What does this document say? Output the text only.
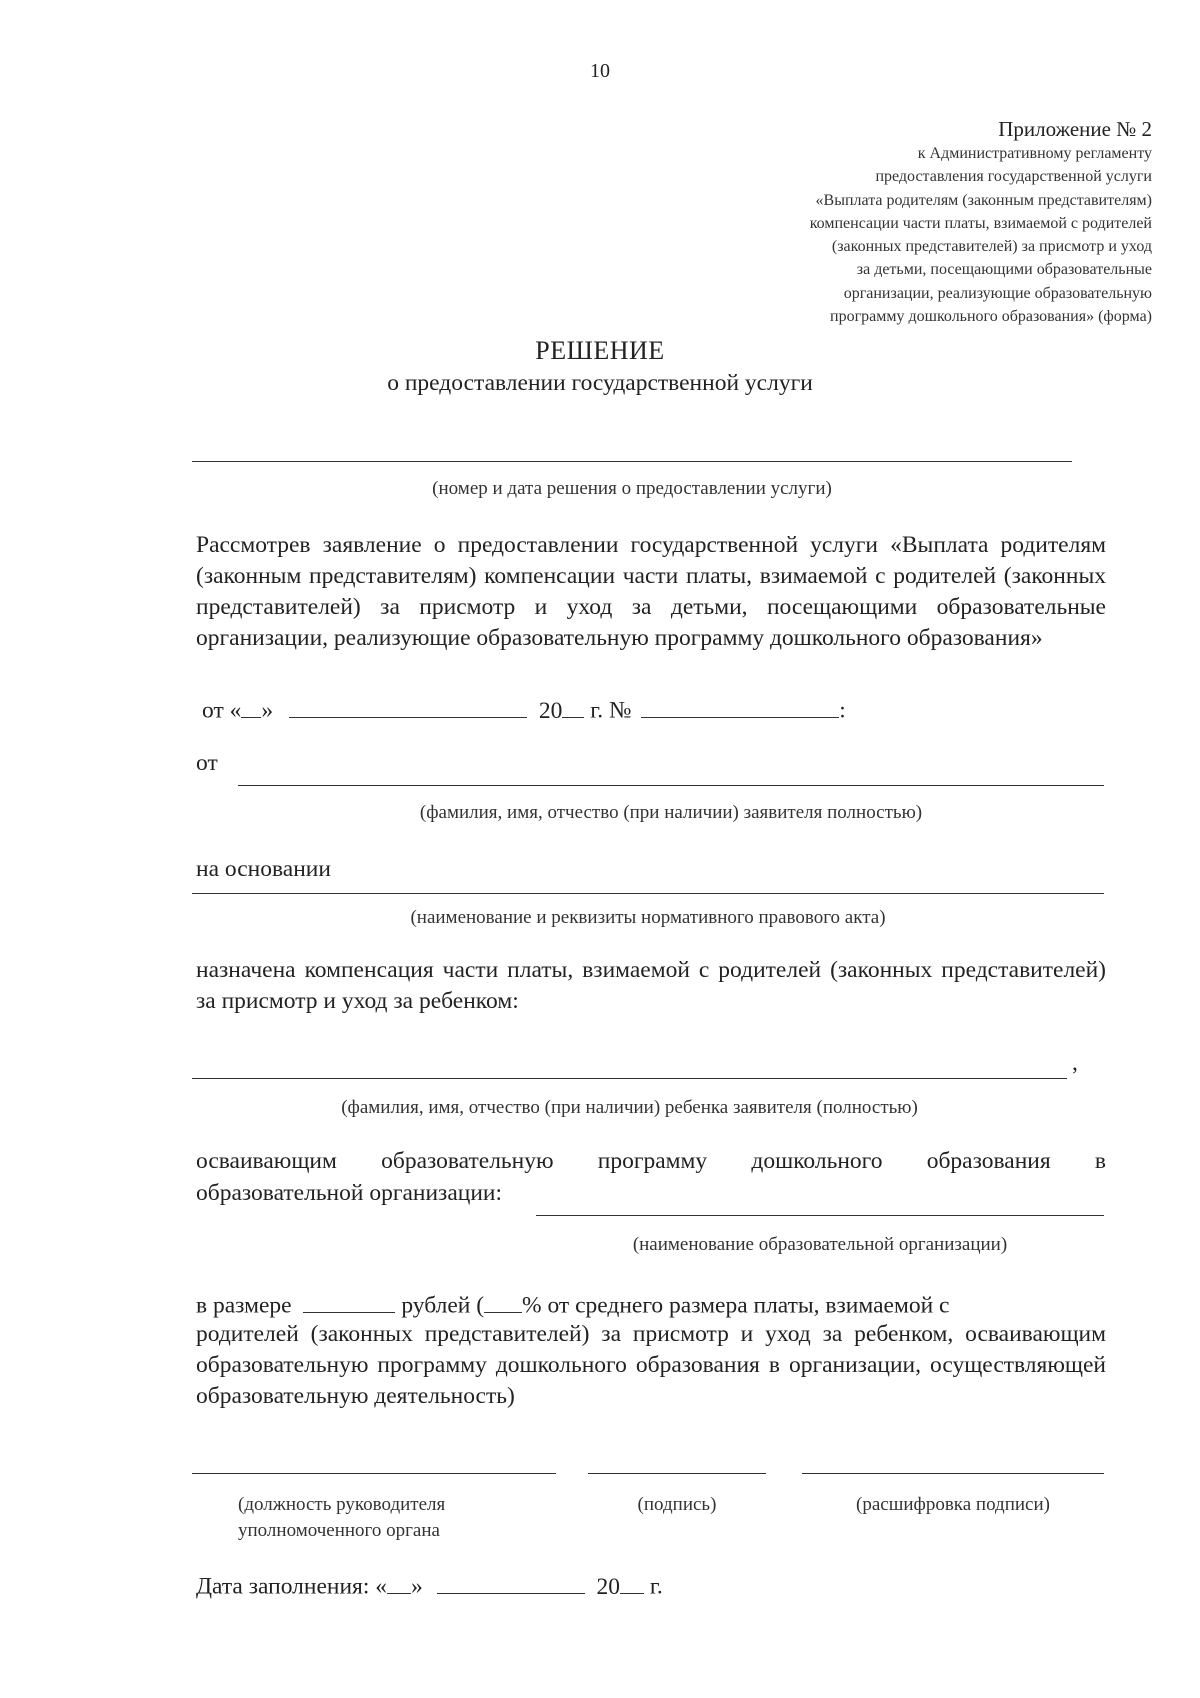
10
Приложение № 2
к Административному регламенту
предоставления государственной услуги
«Выплата родителям (законным представителям)
компенсации части платы, взимаемой с родителей
(законных представителей) за присмотр и уход
за детьми, посещающими образовательные
организации, реализующие образовательную
программу дошкольного образования» (форма)
РЕШЕНИЕ
о предоставлении государственной услуги
(номер и дата решения о предоставлении услуги)
Рассмотрев заявление о предоставлении государственной услуги «Выплата родителям (законным представителям) компенсации части платы, взимаемой с родителей (законных представителей) за присмотр и уход за детьми, посещающими образовательные организации, реализующие образовательную программу дошкольного образования»
от « »	20 г. №	:
от
(фамилия, имя, отчество (при наличии) заявителя полностью)
на основании
(наименование и реквизиты нормативного правового акта)
назначена компенсация части платы, взимаемой с родителей (законных представителей) за присмотр и уход за ребенком:
,
(фамилия, имя, отчество (при наличии) ребенка заявителя (полностью)
осваивающим образовательную программу дошкольного образования в
образовательной организации:
(наименование образовательной организации)
в размере	рублей ( % от среднего размера платы, взимаемой с
родителей (законных представителей) за присмотр и уход за ребенком, осваивающим образовательную программу дошкольного образования в организации, осуществляющей образовательную деятельность)
(должность руководителя
уполномоченного органа
(подпись)	(расшифровка подписи)
Дата заполнения: « »	20 г.
